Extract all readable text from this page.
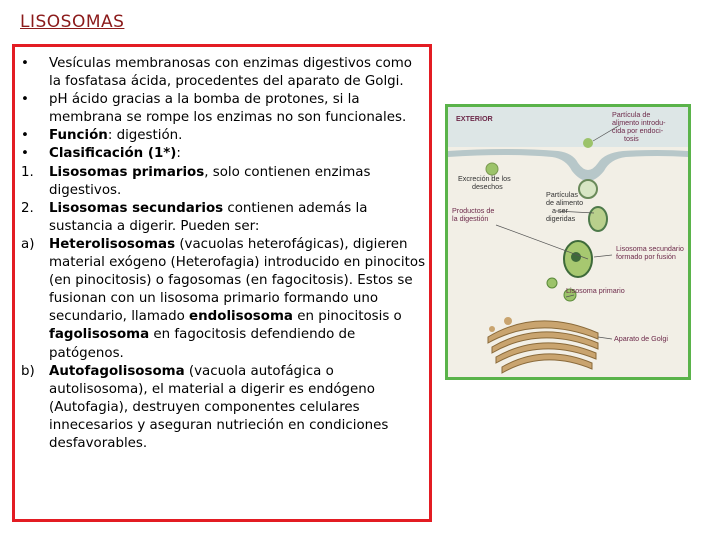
LISOSOMAS
•	Vesículas membranosas con enzimas digestivos como la fosfatasa ácida, procedentes del aparato de Golgi.
•	pH ácido gracias a la bomba de protones, si la membrana se rompe los enzimas no son funcionales.
•	Función: digestión.
•	Clasificación (1*):
1.	Lisosomas primarios, solo contienen enzimas digestivos.
2.	Lisosomas secundarios contienen además la sustancia a digerir. Pueden ser:
a)	Heterolisosomas (vacuolas heterofágicas), digieren material exógeno (Heterofagia) introducido en pinocitos (en pinocitosis) o fagosomas (en fagocitosis). Estos se fusionan con un lisosoma primario formando uno secundario, llamado endolisosoma en pinocitosis o fagolisosoma en fagocitosis defendiendo de patógenos.
b)	Autofagolisosoma (vacuola autofágica o autolisosoma), el material a digerir es endógeno (Autofagia), destruyen componentes celulares innecesarios y aseguran nutrieción en condiciones desfavorables.
EXTERIOR	Partícula de
alimento introdu-
cida por endoci-
tosis
Excreción de los
desechos
Partículas
de alimento
a ser
digeridas
Productos de
la digestión
Lisosoma secundario
formado por fusión
Lisosoma primario
Aparato de Golgi
